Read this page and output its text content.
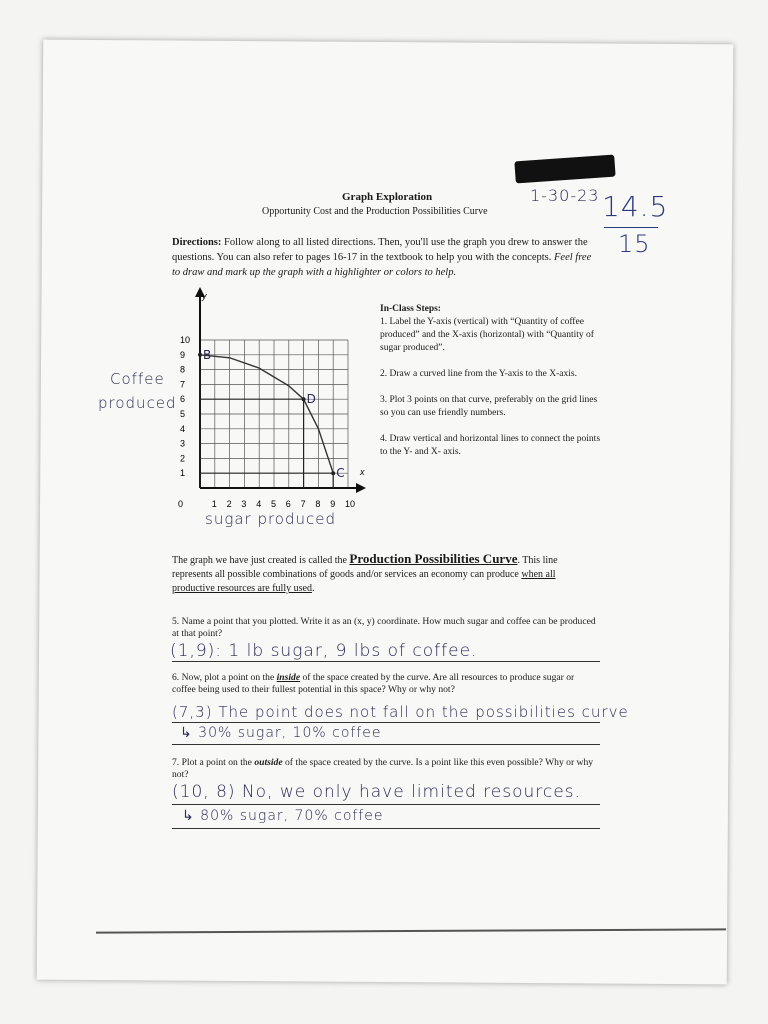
Graph Exploration
Opportunity Cost and the Production Possibilities Curve
1-30-23 14.5
15
Directions: Follow along to all listed directions. Then, you'll use the graph you drew to answer the questions. You can also refer to pages 16-17 in the textbook to help you with the concepts. Feel free to draw and mark up the graph with a highlighter or colors to help.
1
2
3
4
5
6
7
8
9
10
1 2 3 4 5 6 7 8 9 10
B
D
C
y
x
0
Coffee
produced
sugar produced
In-Class Steps:
1. Label the Y-axis (vertical) with “Quantity of coffee produced” and the X-axis (horizontal) with “Quantity of sugar produced”.
2. Draw a curved line from the Y-axis to the X-axis.
3. Plot 3 points on that curve, preferably on the grid lines so you can use friendly numbers.
4. Draw vertical and horizontal lines to connect the points to the Y- and X- axis.
The graph we have just created is called the Production Possibilities Curve. This line represents all possible combinations of goods and/or services an economy can produce when all productive resources are fully used.
5. Name a point that you plotted. Write it as an (x, y) coordinate. How much sugar and coffee can be produced at that point?
(1,9): 1 lb sugar, 9 lbs of coffee.
6. Now, plot a point on the inside of the space created by the curve. Are all resources to produce sugar or coffee being used to their fullest potential in this space? Why or why not?
(7,3) The point does not fall on the possibilities curve
↳ 30% sugar, 10% coffee
7. Plot a point on the outside of the space created by the curve. Is a point like this even possible? Why or why not?
(10, 8) No, we only have limited resources.
↳ 80% sugar, 70% coffee
